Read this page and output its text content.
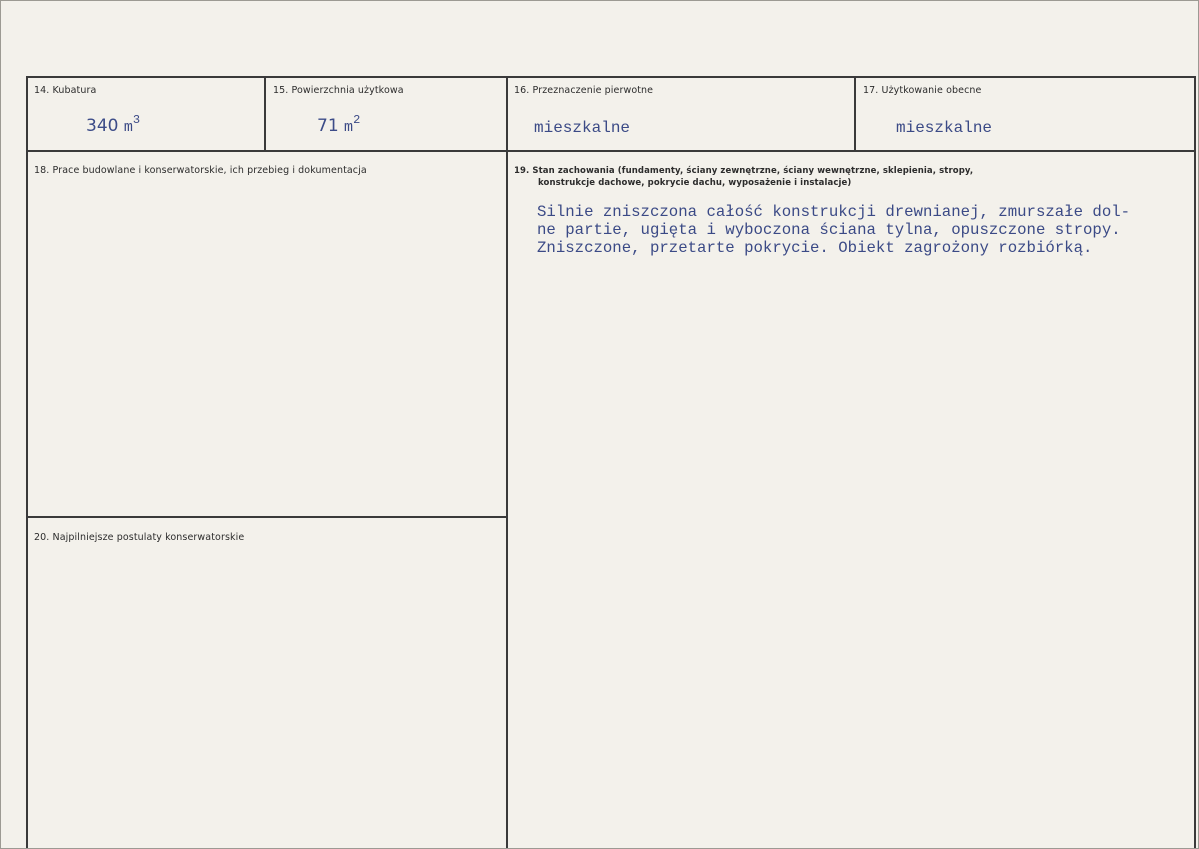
14. Kubatura
340 $m^3$
15. Powierzchnia użytkowa
71 $m^2$
16. Przeznaczenie pierwotne
mieszkalne
17. Użytkowanie obecne
mieszkalne
18. Prace budowlane i konserwatorskie, ich przebieg i dokumentacja	19. Stan zachowania (fundamenty, ściany zewnętrzne, ściany wewnętrzne, sklepienia, stropy,
konstrukcje dachowe, pokrycie dachu, wyposażenie i instalacje)
Silnie zniszczona całość konstrukcji drewnianej, zmurszałe dol-
ne partie, ugięta i wyboczona ściana tylna, opuszczone stropy.
Zniszczone, przetarte pokrycie. Obiekt zagrożony rozbiórką.
20. Najpilniejsze postulaty konserwatorskie
